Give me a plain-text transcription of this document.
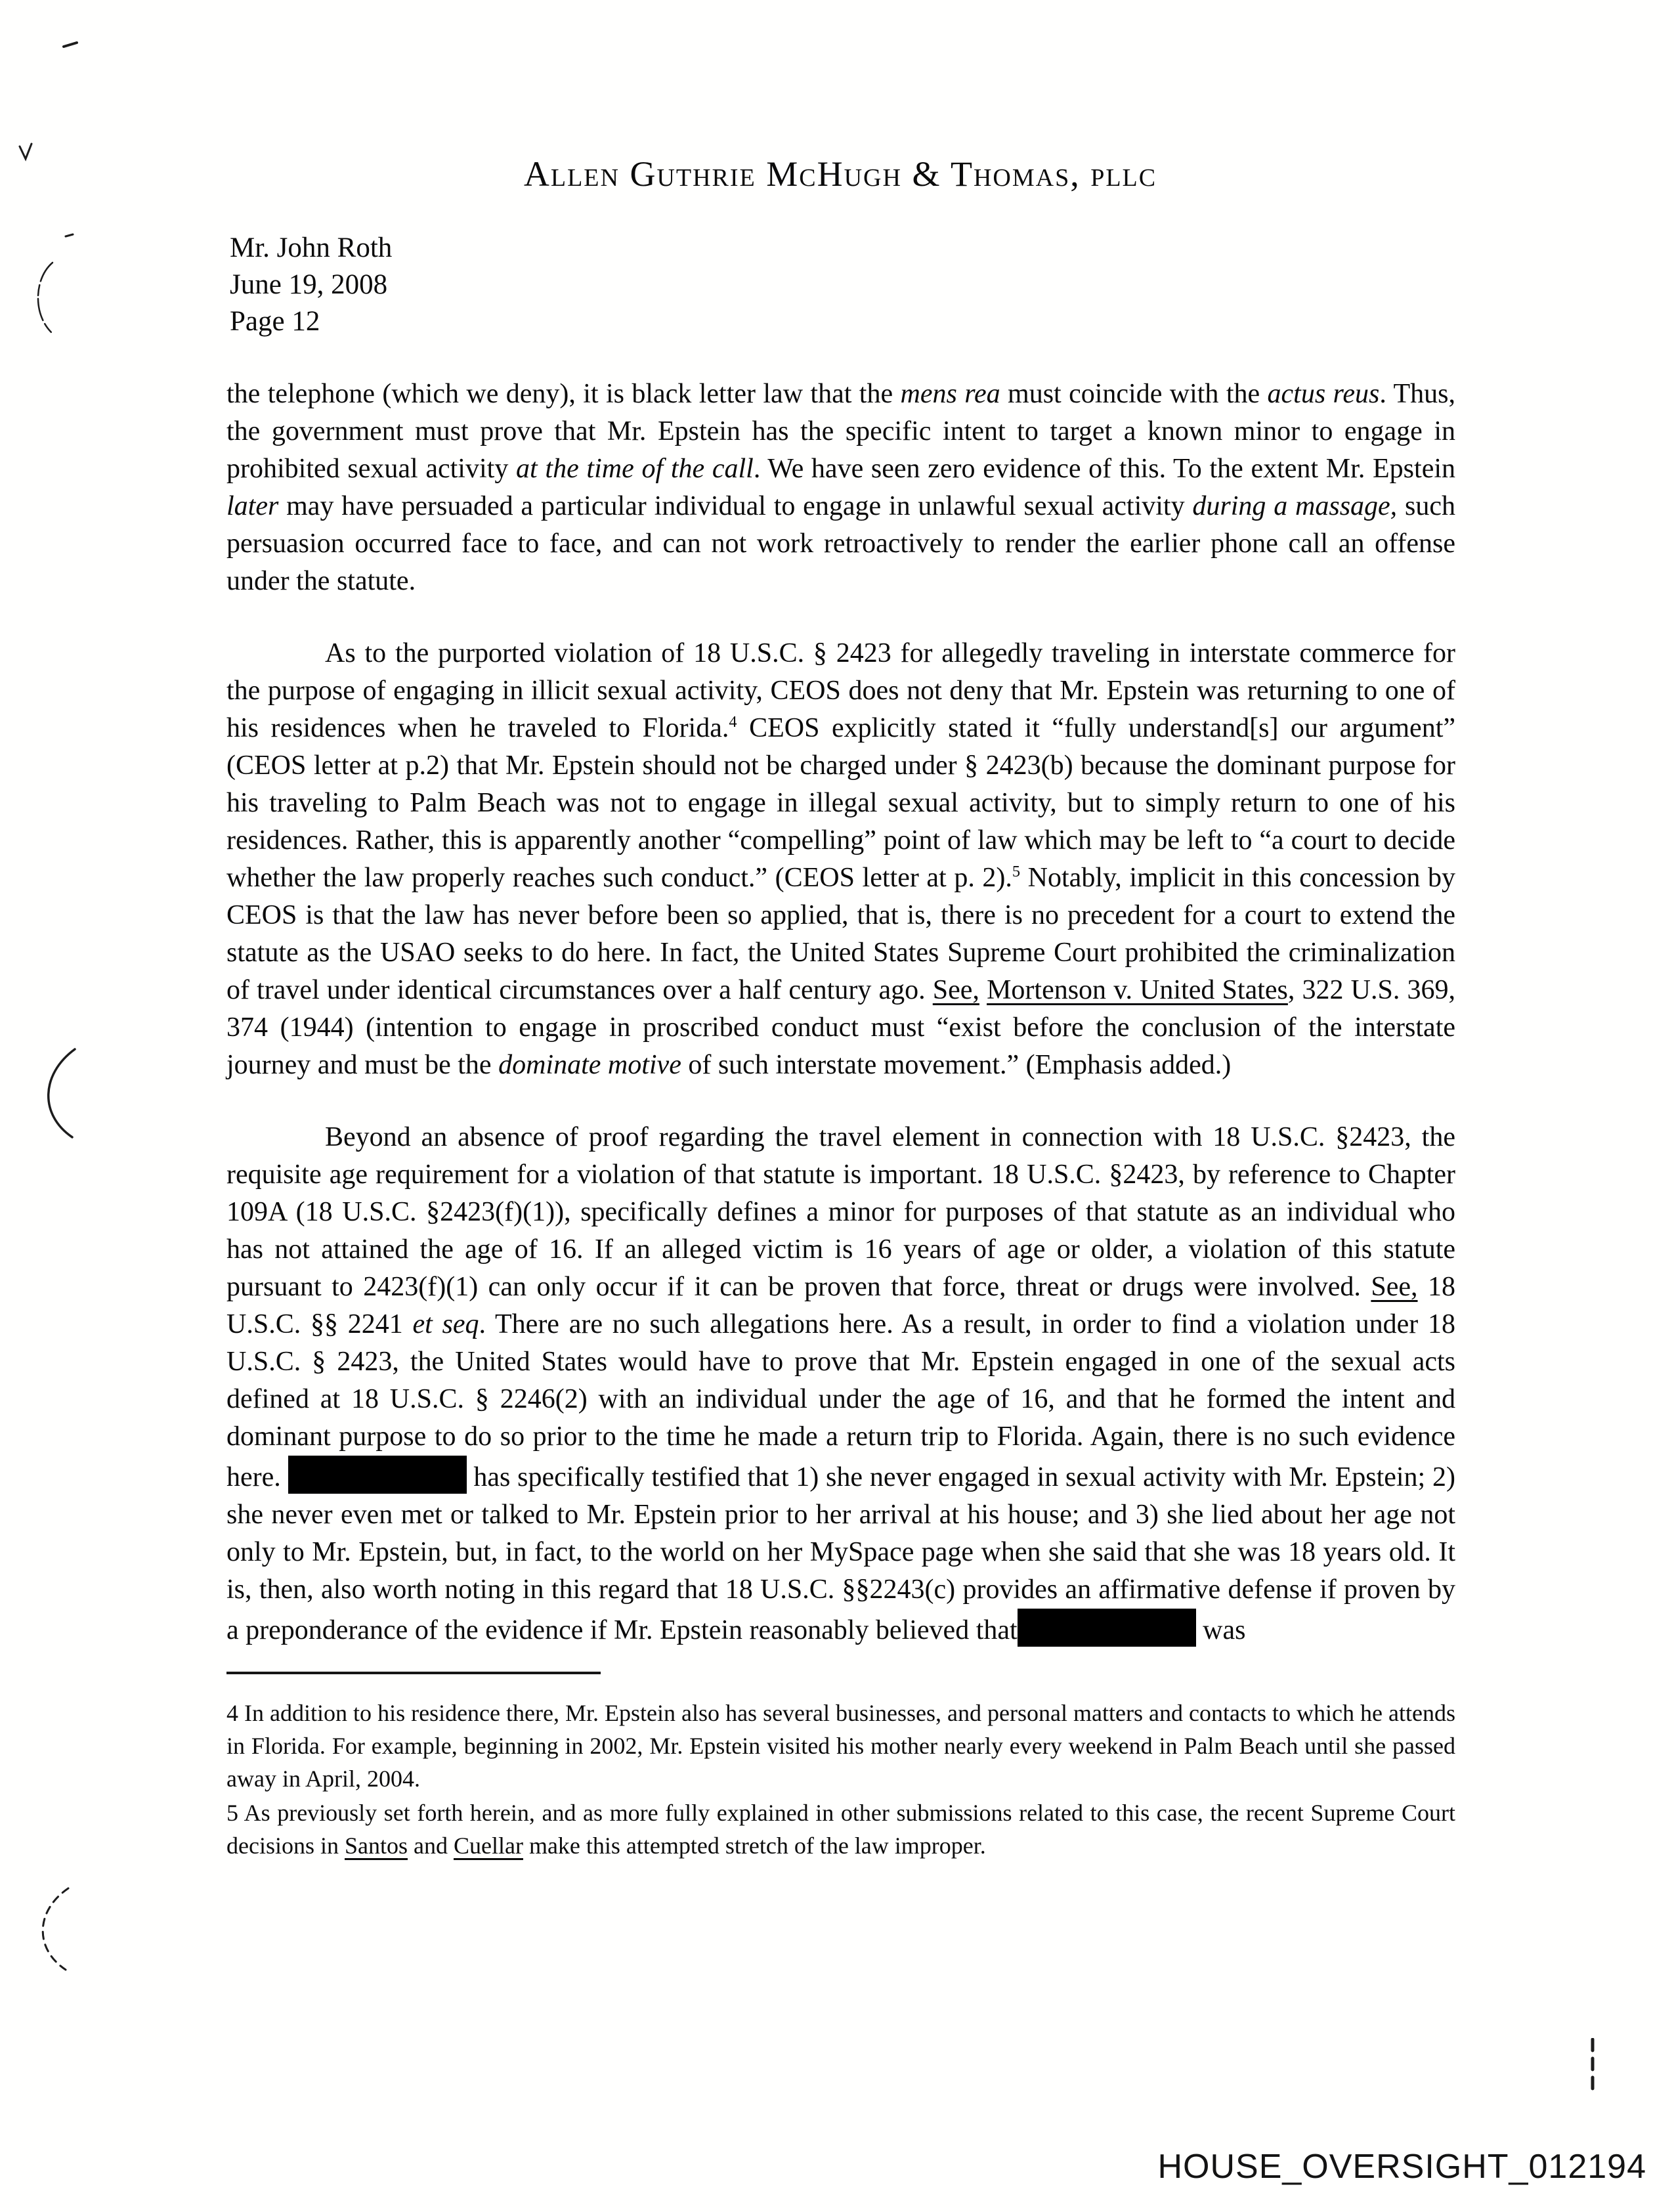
Allen Guthrie McHugh & Thomas, pllc
Mr. John Roth
June 19, 2008
Page 12

the telephone (which we deny), it is black letter law that the mens rea must coincide with the actus reus. Thus, the government must prove that Mr. Epstein has the specific intent to target a known minor to engage in prohibited sexual activity at the time of the call. We have seen zero evidence of this. To the extent Mr. Epstein later may have persuaded a particular individual to engage in unlawful sexual activity during a massage, such persuasion occurred face to face, and can not work retroactively to render the earlier phone call an offense under the statute.

As to the purported violation of 18 U.S.C. § 2423 for allegedly traveling in interstate commerce for the purpose of engaging in illicit sexual activity, CEOS does not deny that Mr. Epstein was returning to one of his residences when he traveled to Florida.$^4$ CEOS explicitly stated it “fully understand[s] our argument” (CEOS letter at p.2) that Mr. Epstein should not be charged under § 2423(b) because the dominant purpose for his traveling to Palm Beach was not to engage in illegal sexual activity, but to simply return to one of his residences. Rather, this is apparently another “compelling” point of law which may be left to “a court to decide whether the law properly reaches such conduct.” (CEOS letter at p. 2).$^5$ Notably, implicit in this concession by CEOS is that the law has never before been so applied, that is, there is no precedent for a court to extend the statute as the USAO seeks to do here. In fact, the United States Supreme Court prohibited the criminalization of travel under identical circumstances over a half century ago. See, Mortenson v. United States, 322 U.S. 369, 374 (1944) (intention to engage in proscribed conduct must “exist before the conclusion of the interstate journey and must be the dominate motive of such interstate movement.” (Emphasis added.)

Beyond an absence of proof regarding the travel element in connection with 18 U.S.C. §2423, the requisite age requirement for a violation of that statute is important. 18 U.S.C. §2423, by reference to Chapter 109A (18 U.S.C. §2423(f)(1)), specifically defines a minor for purposes of that statute as an individual who has not attained the age of 16. If an alleged victim is 16 years of age or older, a violation of this statute pursuant to 2423(f)(1) can only occur if it can be proven that force, threat or drugs were involved. See, 18 U.S.C. §§ 2241 et seq. There are no such allegations here. As a result, in order to find a violation under 18 U.S.C. § 2423, the United States would have to prove that Mr. Epstein engaged in one of the sexual acts defined at 18 U.S.C. § 2246(2) with an individual under the age of 16, and that he formed the intent and dominant purpose to do so prior to the time he made a return trip to Florida. Again, there is no such evidence here.	has specifically testified that 1) she never engaged in sexual activity with Mr. Epstein; 2) she never even met or talked to Mr. Epstein prior to her arrival at his house; and 3) she lied about her age not only to Mr. Epstein, but, in fact, to the world on her MySpace page when she said that she was 18 years old. It is, then, also worth noting in this regard that 18 U.S.C. §§2243(c) provides an affirmative defense if proven by a preponderance of the evidence if Mr. Epstein reasonably believed that	was

4 In addition to his residence there, Mr. Epstein also has several businesses, and personal matters and contacts to which he attends in Florida. For example, beginning in 2002, Mr. Epstein visited his mother nearly every weekend in Palm Beach until she passed away in April, 2004.

5 As previously set forth herein, and as more fully explained in other submissions related to this case, the recent Supreme Court decisions in Santos and Cuellar make this attempted stretch of the law improper.

HOUSE_OVERSIGHT_012194
